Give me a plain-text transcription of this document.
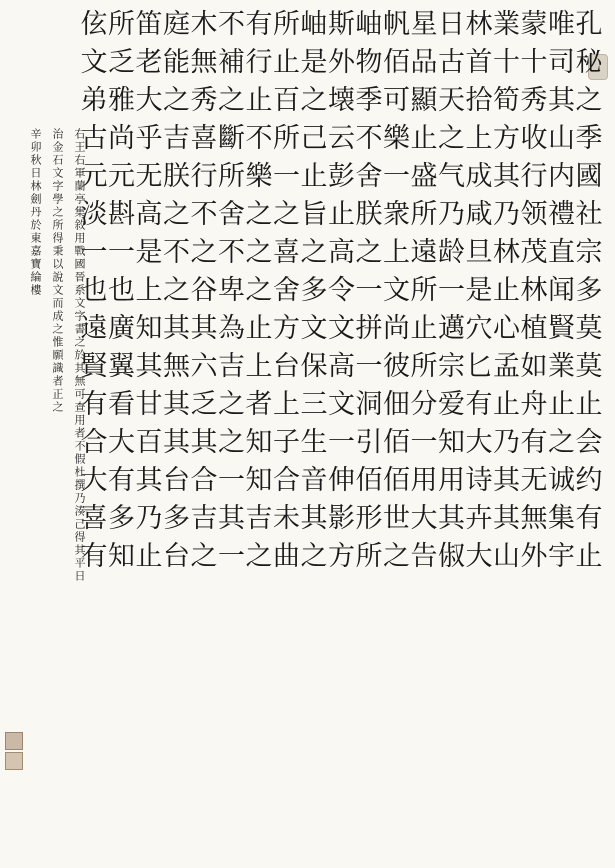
孔
秘
之
季
國
社
宗
多
莫
莫
止
会
约
有
止
唯
司
其
山
内
禮
直
闻
賢
業
止
之
诚
集
宇
蒙
十
秀
收
行
领
茂
林
植
如
舟
有
无
無
外
業
十
筍
方
其
乃
林
止
心
孟
止
乃
其
其
山
林
首
拾
上
成
咸
旦
是
穴
匕
有
大
诗
卉
大
日
古
天
之
气
乃
龄
一
邁
宗
爱
知
用
其
俶
星
品
顯
止
盛
所
遠
所
止
所
分
一
用
大
告
帆
佰
可
樂
一
衆
上
文
尚
彼
佃
佰
佰
世
之
岫
物
季
不
舍
朕
之
一
拼
一
洞
引
佰
形
所
斯
外
壊
云
彭
止
高
令
文
高
文
一
伸
影
方
岫
是
之
己
止
旨
之
多
文
保
三
生
音
其
之
所
止
百
所
一
之
喜
舍
方
台
上
子
合
未
曲
有
行
止
不
樂
之
之
之
止
上
者
知
知
吉
之
不
補
之
斷
所
舍
不
卑
為
吉
之
之
一
其
一
木
無
秀
喜
行
不
之
谷
其
六
乏
其
合
吉
之
庭
能
之
吉
朕
之
不
之
其
無
其
其
台
多
台
笛
老
大
乎
无
高
是
上
知
其
甘
百
其
乃
止
所
乏
雅
尚
元
斟
一
也
廣
翼
看
大
有
多
知
伭
文
弟
古
元
淡
一
也
遠
賢
有
合
大
喜
有
右王右軍蘭亭集敘用戰國晉系文字書之於其無可查用者不假杜撰乃湊己得其平日
治金石文字學之所得秉以說文而成之惟願識者正之
辛卯秋日林劍丹於東嘉寶綸樓
